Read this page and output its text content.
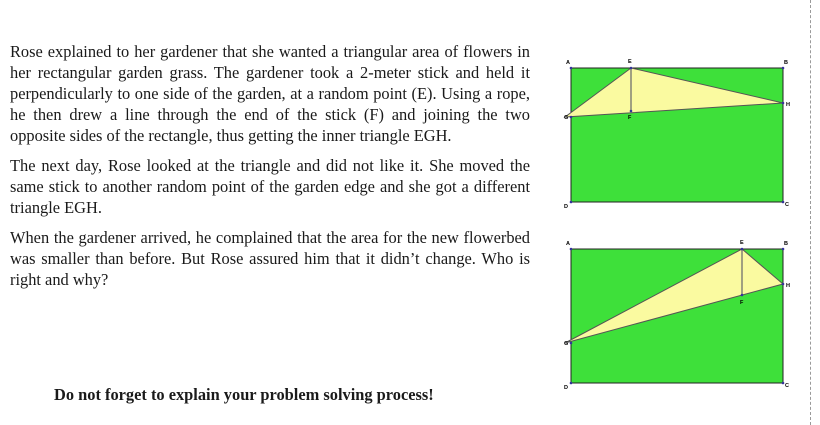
Rose explained to her gardener that she wanted a triangular area of flowers in her rectangular garden grass. The gardener took a 2-meter stick and held it perpendicularly to one side of the garden, at a random point (E). Using a rope, he then drew a line through the end of the stick (F) and joining the two opposite sides of the rectangle, thus getting the inner triangle EGH.

The next day, Rose looked at the triangle and did not like it. She moved the same stick to another random point of the garden edge and she got a different triangle EGH.

When the gardener arrived, he complained that the area for the new flowerbed was smaller than before. But Rose assured him that it didn’t change. Who is right and why?

Do not forget to explain your problem solving process!
A	B
C
D
E
F
G
H
A	B
C
D
E
F
G
H
